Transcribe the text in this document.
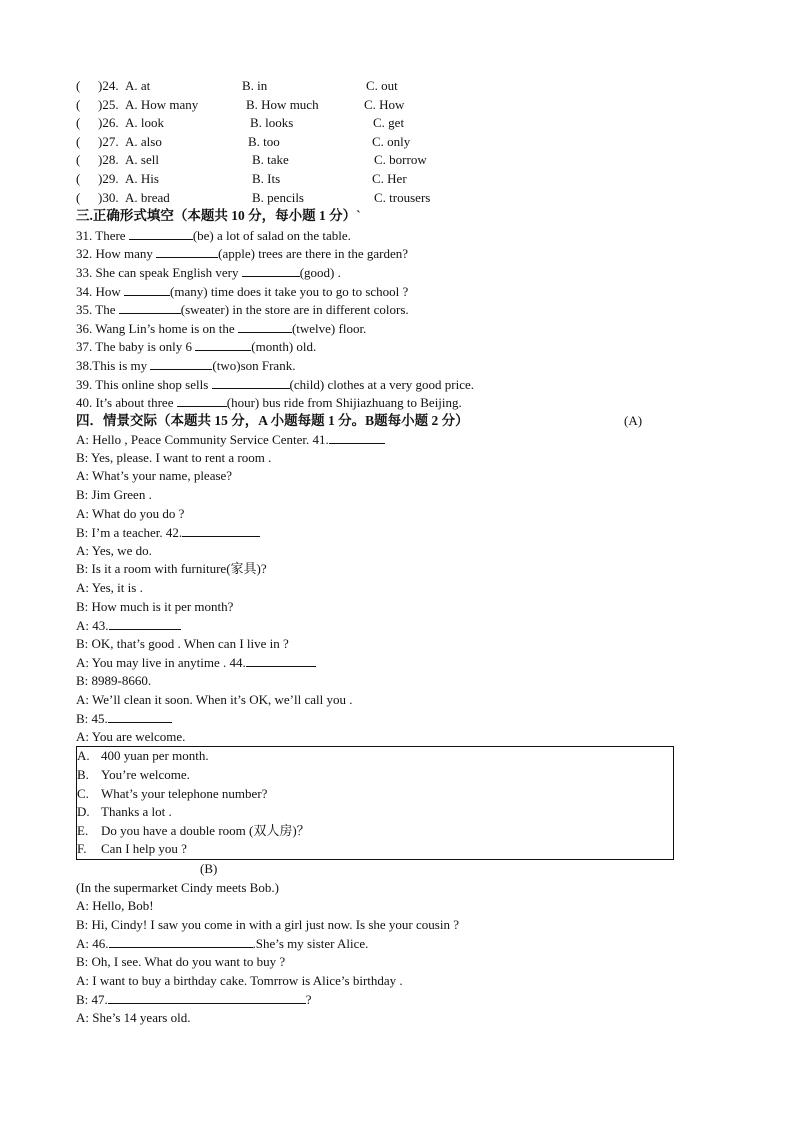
( )24. A. at	B. in	C. out
( )25. A. How many	B. How much	C. How
( )26. A. look	B. looks	C. get
( )27. A. also	B. too	C. only
( )28. A. sell	B. take	C. borrow
( )29. A. His	B. Its	C. Her
( )30. A. bread	B. pencils	C. trousers
三.正确形式填空（本题共 10 分，每小题 1 分）`
31. There	(be) a lot of salad on the table.
32. How many	(apple) trees are there in the garden?
33. She can speak English very	(good) .
34. How	(many) time does it take you to go to school ?
35. The	(sweater) in the store are in different colors.
36. Wang Lin’s home is on the	(twelve) floor.
37. The baby is only 6	(month) old.
38.This is my	(two)son Frank.
39. This online shop sells	(child) clothes at a very good price.
40. It’s about three	(hour) bus ride from Shijiazhuang to Beijing.
四．情景交际（本题共 15 分，A 小题每题 1 分。B题每小题 2 分）	(A)
A: Hello , Peace Community Service Center. 41.
B: Yes, please. I want to rent a room .
A: What’s your name, please?
B: Jim Green .
A: What do you do ?
B: I’m a teacher. 42.
A: Yes, we do.
B: Is it a room with furniture(家具)?
A: Yes, it is .
B: How much is it per month?
A: 43.
B: OK, that’s good . When can I live in ?
A: You may live in anytime . 44.
B: 8989-8660.
A: We’ll clean it soon. When it’s OK, we’ll call you .
B: 45.
A: You are welcome.
A. 400 yuan per month.
B. You’re welcome.
C. What’s your telephone number?
D. Thanks a lot .
E. Do you have a double room (双人房)？
F. Can I help you ?
(B)
(In the supermarket Cindy meets Bob.)
A: Hello, Bob!
B: Hi, Cindy! I saw you come in with a girl just now. Is she your cousin ?
A: 46.	.She’s my sister Alice.
B: Oh, I see. What do you want to buy ?
A: I want to buy a birthday cake. Tomrrow is Alice’s birthday .
B: 47.	?
A: She’s 14 years old.
